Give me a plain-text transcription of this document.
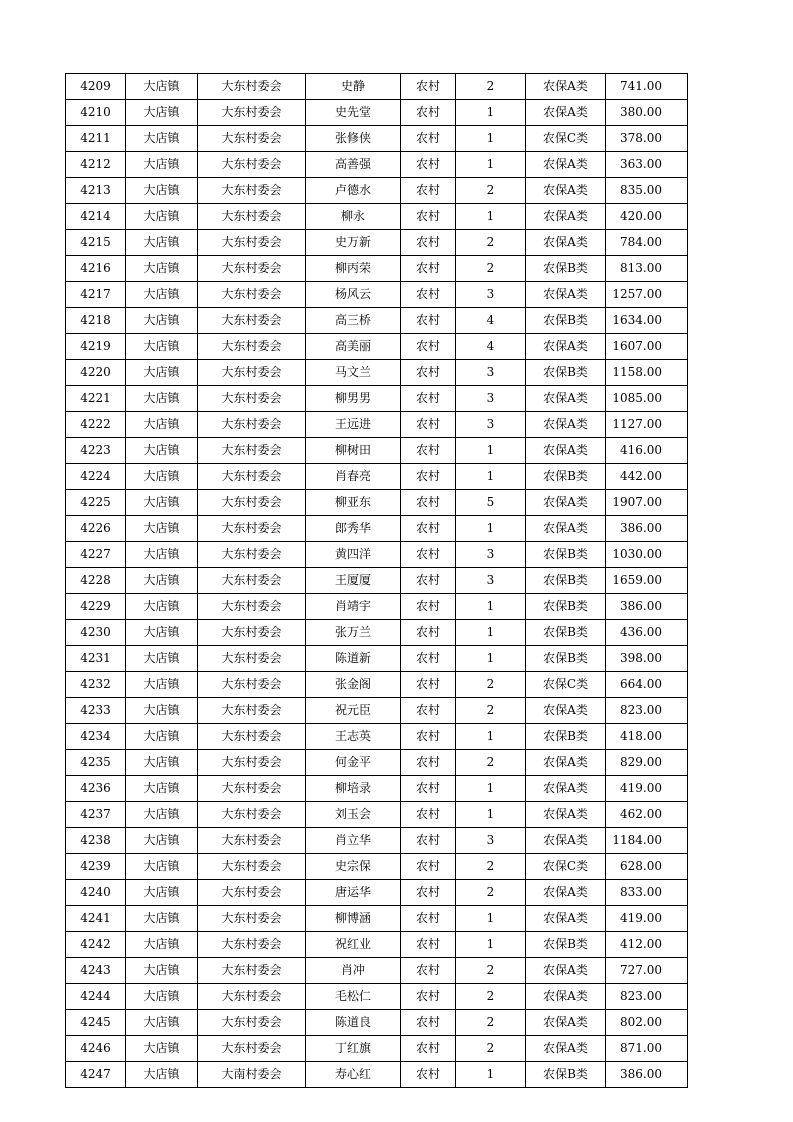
4209	大店镇	大东村委会	史静	农村	2	农保A类	741.00
4210	大店镇	大东村委会	史先堂	农村	1	农保A类	380.00
4211	大店镇	大东村委会	张修侠	农村	1	农保C类	378.00
4212	大店镇	大东村委会	高善强	农村	1	农保A类	363.00
4213	大店镇	大东村委会	卢德水	农村	2	农保A类	835.00
4214	大店镇	大东村委会	柳永	农村	1	农保A类	420.00
4215	大店镇	大东村委会	史万新	农村	2	农保A类	784.00
4216	大店镇	大东村委会	柳丙荣	农村	2	农保B类	813.00
4217	大店镇	大东村委会	杨风云	农村	3	农保A类	1257.00
4218	大店镇	大东村委会	高三桥	农村	4	农保B类	1634.00
4219	大店镇	大东村委会	高美丽	农村	4	农保A类	1607.00
4220	大店镇	大东村委会	马文兰	农村	3	农保B类	1158.00
4221	大店镇	大东村委会	柳男男	农村	3	农保A类	1085.00
4222	大店镇	大东村委会	王远进	农村	3	农保A类	1127.00
4223	大店镇	大东村委会	柳树田	农村	1	农保A类	416.00
4224	大店镇	大东村委会	肖春亮	农村	1	农保B类	442.00
4225	大店镇	大东村委会	柳亚东	农村	5	农保A类	1907.00
4226	大店镇	大东村委会	郎秀华	农村	1	农保A类	386.00
4227	大店镇	大东村委会	黄四洋	农村	3	农保B类	1030.00
4228	大店镇	大东村委会	王厦厦	农村	3	农保B类	1659.00
4229	大店镇	大东村委会	肖靖宇	农村	1	农保B类	386.00
4230	大店镇	大东村委会	张万兰	农村	1	农保B类	436.00
4231	大店镇	大东村委会	陈道新	农村	1	农保B类	398.00
4232	大店镇	大东村委会	张金阁	农村	2	农保C类	664.00
4233	大店镇	大东村委会	祝元臣	农村	2	农保A类	823.00
4234	大店镇	大东村委会	王志英	农村	1	农保B类	418.00
4235	大店镇	大东村委会	何金平	农村	2	农保A类	829.00
4236	大店镇	大东村委会	柳培录	农村	1	农保A类	419.00
4237	大店镇	大东村委会	刘玉会	农村	1	农保A类	462.00
4238	大店镇	大东村委会	肖立华	农村	3	农保A类	1184.00
4239	大店镇	大东村委会	史宗保	农村	2	农保C类	628.00
4240	大店镇	大东村委会	唐运华	农村	2	农保A类	833.00
4241	大店镇	大东村委会	柳博涵	农村	1	农保A类	419.00
4242	大店镇	大东村委会	祝红业	农村	1	农保B类	412.00
4243	大店镇	大东村委会	肖冲	农村	2	农保A类	727.00
4244	大店镇	大东村委会	毛松仁	农村	2	农保A类	823.00
4245	大店镇	大东村委会	陈道良	农村	2	农保A类	802.00
4246	大店镇	大东村委会	丁红旗	农村	2	农保A类	871.00
4247	大店镇	大南村委会	寿心红	农村	1	农保B类	386.00
